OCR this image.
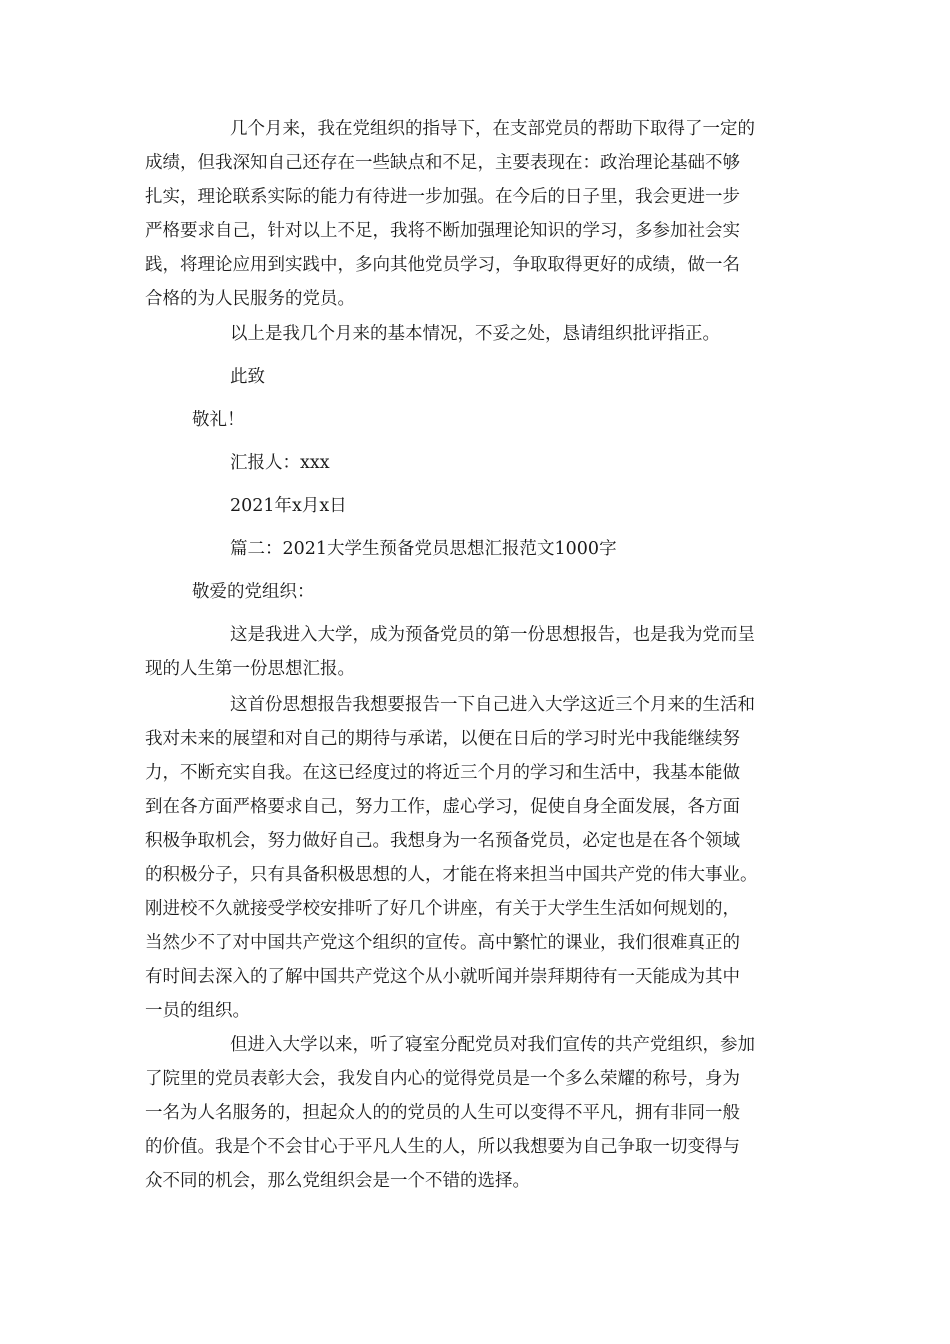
几个月来，我在党组织的指导下，在支部党员的帮助下取得了一定的
成绩，但我深知自己还存在一些缺点和不足，主要表现在：政治理论基础不够
扎实，理论联系实际的能力有待进一步加强。在今后的日子里，我会更进一步
严格要求自己，针对以上不足，我将不断加强理论知识的学习，多参加社会实
践，将理论应用到实践中，多向其他党员学习，争取取得更好的成绩，做一名
合格的为人民服务的党员。
以上是我几个月来的基本情况，不妥之处，恳请组织批评指正。
此致
敬礼！
汇报人：xxx
2021年x月x日
篇二：2021大学生预备党员思想汇报范文1000字
敬爱的党组织：
这是我进入大学，成为预备党员的第一份思想报告，也是我为党而呈
现的人生第一份思想汇报。
这首份思想报告我想要报告一下自己进入大学这近三个月来的生活和
我对未来的展望和对自己的期待与承诺，以便在日后的学习时光中我能继续努
力，不断充实自我。在这已经度过的将近三个月的学习和生活中，我基本能做
到在各方面严格要求自己，努力工作，虚心学习，促使自身全面发展，各方面
积极争取机会，努力做好自己。我想身为一名预备党员，必定也是在各个领域
的积极分子，只有具备积极思想的人，才能在将来担当中国共产党的伟大事业。
刚进校不久就接受学校安排听了好几个讲座，有关于大学生生活如何规划的，
当然少不了对中国共产党这个组织的宣传。高中繁忙的课业，我们很难真正的
有时间去深入的了解中国共产党这个从小就听闻并崇拜期待有一天能成为其中
一员的组织。
但进入大学以来，听了寝室分配党员对我们宣传的共产党组织，参加
了院里的党员表彰大会，我发自内心的觉得党员是一个多么荣耀的称号，身为
一名为人名服务的，担起众人的的党员的人生可以变得不平凡，拥有非同一般
的价值。我是个不会甘心于平凡人生的人，所以我想要为自己争取一切变得与
众不同的机会，那么党组织会是一个不错的选择。
